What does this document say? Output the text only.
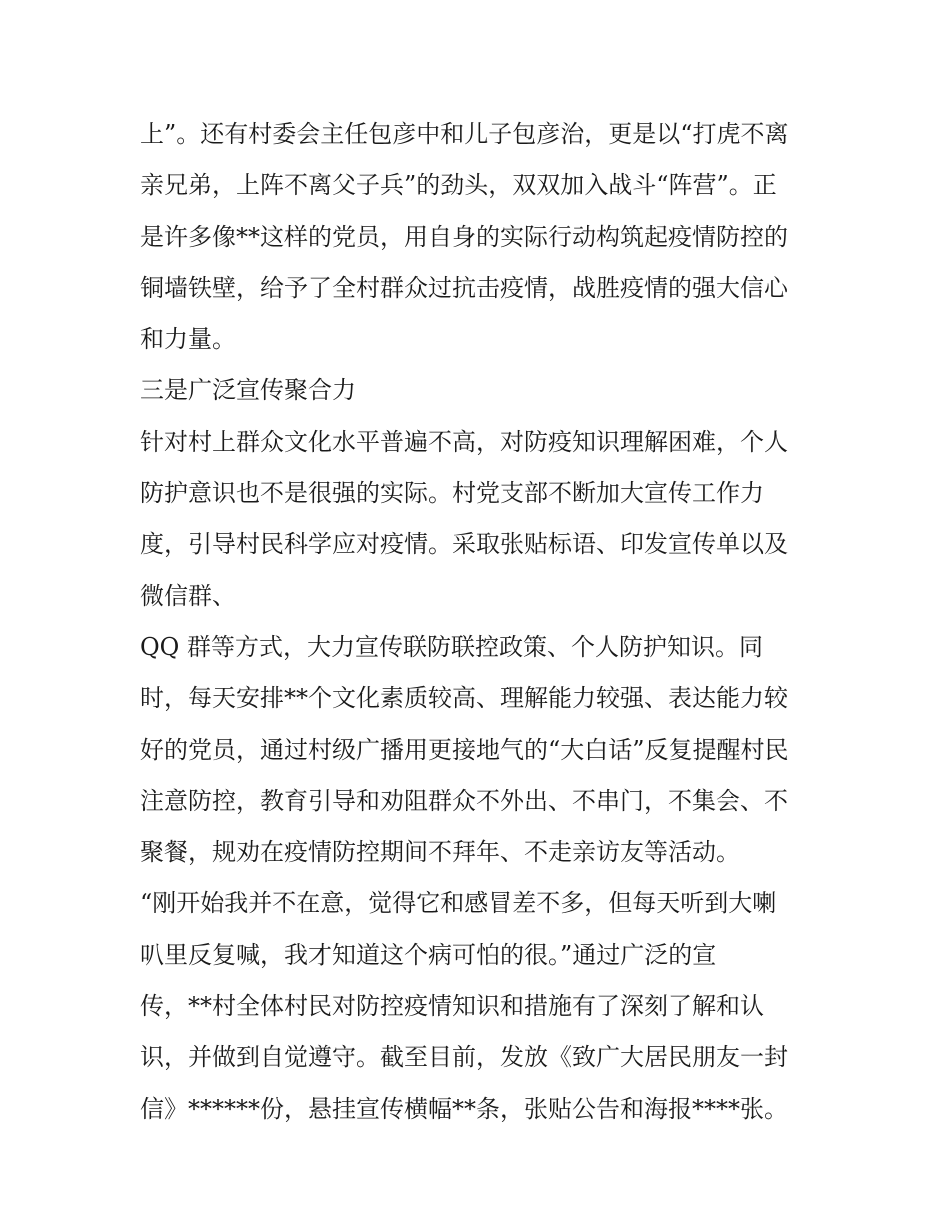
上”。还有村委会主任包彦中和儿子包彦治，更是以“打虎不离
亲兄弟，上阵不离父子兵”的劲头，双双加入战斗“阵营”。正
是许多像**这样的党员，用自身的实际行动构筑起疫情防控的
铜墙铁壁，给予了全村群众过抗击疫情，战胜疫情的强大信心
和力量。
三是广泛宣传聚合力
针对村上群众文化水平普遍不高，对防疫知识理解困难，个人
防护意识也不是很强的实际。村党支部不断加大宣传工作力
度，引导村民科学应对疫情。采取张贴标语、印发宣传单以及
微信群、
QQ 群等方式，大力宣传联防联控政策、个人防护知识。同
时，每天安排**个文化素质较高、理解能力较强、表达能力较
好的党员，通过村级广播用更接地气的“大白话”反复提醒村民
注意防控，教育引导和劝阻群众不外出、不串门，不集会、不
聚餐，规劝在疫情防控期间不拜年、不走亲访友等活动。
“刚开始我并不在意，觉得它和感冒差不多，但每天听到大喇
叭里反复喊，我才知道这个病可怕的很。”通过广泛的宣
传，**村全体村民对防控疫情知识和措施有了深刻了解和认
识，并做到自觉遵守。截至目前，发放《致广大居民朋友一封
信》******份，悬挂宣传横幅**条，张贴公告和海报****张。
